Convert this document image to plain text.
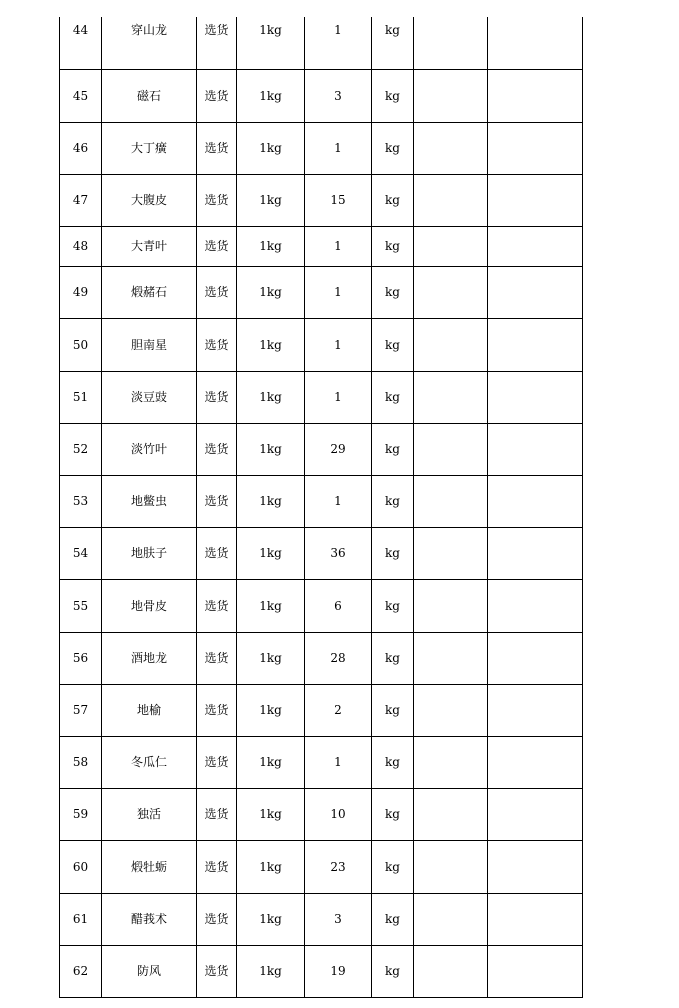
44	穿山龙	选货	1kg	1	kg		

45	磁石	选货	1kg	3	kg		

46	大丁癀	选货	1kg	1	kg		

47	大腹皮	选货	1kg	15	kg		

48	大青叶	选货	1kg	1	kg		

49	煅赭石	选货	1kg	1	kg		

50	胆南星	选货	1kg	1	kg		

51	淡豆豉	选货	1kg	1	kg		

52	淡竹叶	选货	1kg	29	kg		

53	地鳖虫	选货	1kg	1	kg		

54	地肤子	选货	1kg	36	kg		

55	地骨皮	选货	1kg	6	kg		

56	酒地龙	选货	1kg	28	kg		

57	地榆	选货	1kg	2	kg		

58	冬瓜仁	选货	1kg	1	kg		

59	独活	选货	1kg	10	kg		

60	煅牡蛎	选货	1kg	23	kg		

61	醋莪术	选货	1kg	3	kg		

62	防风	选货	1kg	19	kg		
